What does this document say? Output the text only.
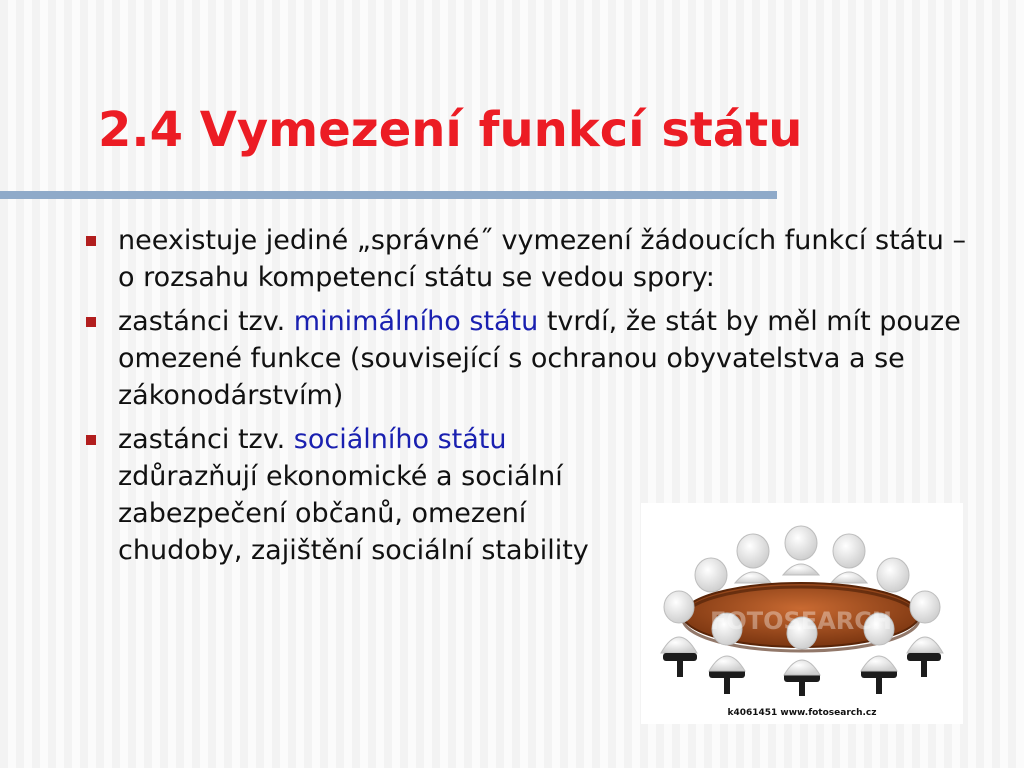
2.4 Vymezení funkcí státu
neexistuje jediné „správné˝ vymezení žádoucích funkcí státu – o rozsahu kompetencí státu se vedou spory:
zastánci tzv. minimálního státu tvrdí, že stát by měl mít pouze omezené funkce (související s ochranou obyvatelstva a se zákonodárstvím)
zastánci tzv. sociálního státu zdůrazňují ekonomické a sociální zabezpečení občanů, omezení chudoby, zajištění sociální stability
FOTOSEARCH
k4061451 www.fotosearch.cz
